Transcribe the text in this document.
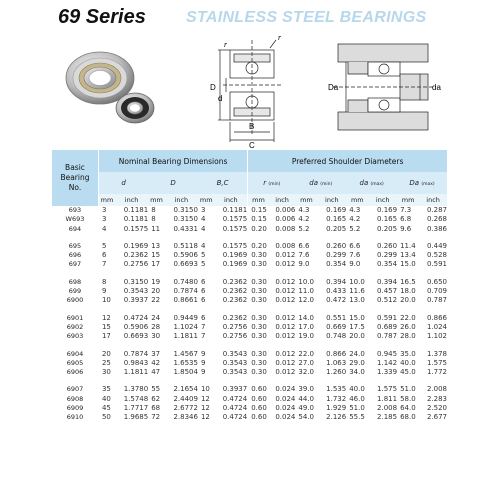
69 Series	STAINLESS STEEL BEARINGS
r
r
D
d
B
C
Da	da
Basic
Bearing
No.	Nominal Bearing Dimensions						Preferred Shoulder Diameters							
	d		D		B,C		r (min)		da (min)		da (max)		Da (max)	
	mm	inch	mm	inch	mm	inch	mm	inch	mm	inch	mm	inch	mm	inch
693	3	0.1181	8	0.3150	3	0.1181	0.15	0.006	4.3	0.169	4.3	0.169	7.3	0.287
W693	3	0.1181	8	0.3150	4	0.1575	0.15	0.006	4.2	0.165	4.2	0.165	6.8	0.268
694	4	0.1575	11	0.4331	4	0.1575	0.20	0.008	5.2	0.205	5.2	0.205	9.6	0.386

695	5	0.1969	13	0.5118	4	0.1575	0.20	0.008	6.6	0.260	6.6	0.260	11.4	0.449
696	6	0.2362	15	0.5906	5	0.1969	0.30	0.012	7.6	0.299	7.6	0.299	13.4	0.528
697	7	0.2756	17	0.6693	5	0.1969	0.30	0.012	9.0	0.354	9.0	0.354	15.0	0.591

698	8	0.3150	19	0.7480	6	0.2362	0.30	0.012	10.0	0.394	10.0	0.394	16.5	0.650
699	9	0.3543	20	0.7874	6	0.2362	0.30	0.012	11.0	0.433	11.6	0.457	18.0	0.709
6900	10	0.3937	22	0.8661	6	0.2362	0.30	0.012	12.0	0.472	13.0	0.512	20.0	0.787

6901	12	0.4724	24	0.9449	6	0.2362	0.30	0.012	14.0	0.551	15.0	0.591	22.0	0.866
6902	15	0.5906	28	1.1024	7	0.2756	0.30	0.012	17.0	0.669	17.5	0.689	26.0	1.024
6903	17	0.6693	30	1.1811	7	0.2756	0.30	0.012	19.0	0.748	20.0	0.787	28.0	1.102

6904	20	0.7874	37	1.4567	9	0.3543	0.30	0.012	22.0	0.866	24.0	0.945	35.0	1.378
6905	25	0.9843	42	1.6535	9	0.3543	0.30	0.012	27.0	1.063	29.0	1.142	40.0	1.575
6906	30	1.1811	47	1.8504	9	0.3543	0.30	0.012	32.0	1.260	34.0	1.339	45.0	1.772

6907	35	1.3780	55	2.1654	10	0.3937	0.60	0.024	39.0	1.535	40.0	1.575	51.0	2.008
6908	40	1.5748	62	2.4409	12	0.4724	0.60	0.024	44.0	1.732	46.0	1.811	58.0	2.283
6909	45	1.7717	68	2.6772	12	0.4724	0.60	0.024	49.0	1.929	51.0	2.008	64.0	2.520
6910	50	1.9685	72	2.8346	12	0.4724	0.60	0.024	54.0	2.126	55.5	2.185	68.0	2.677
